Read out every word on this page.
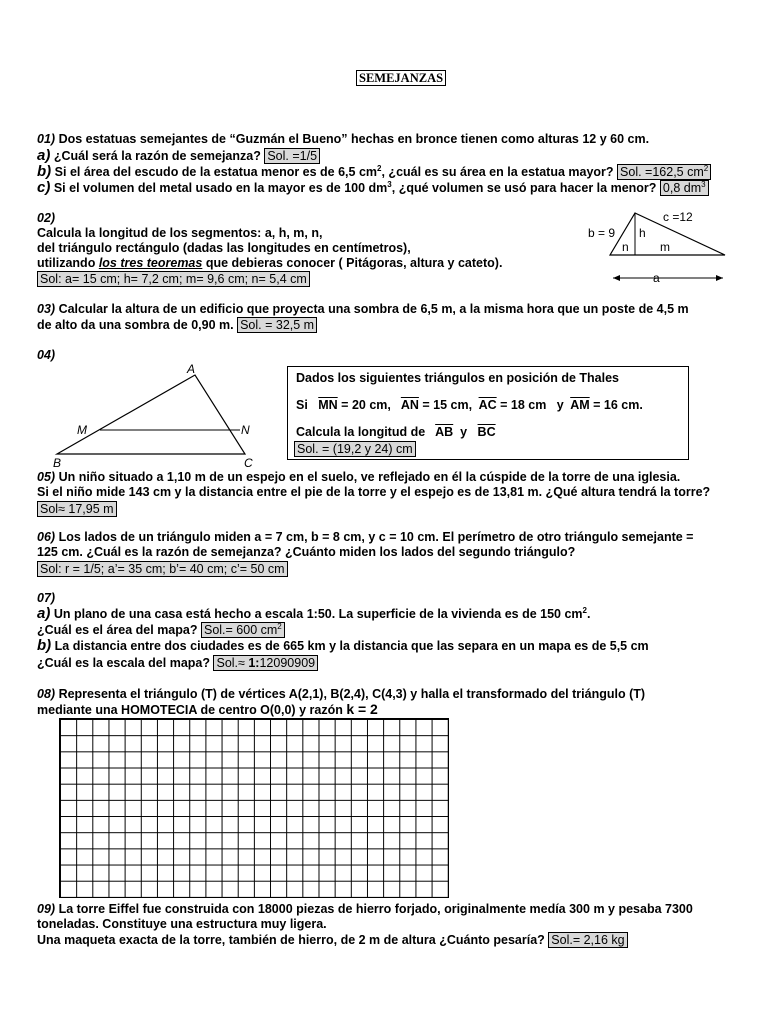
SEMEJANZAS
01) Dos estatuas semejantes de “Guzmán el Bueno” hechas en bronce tienen como alturas 12 y 60 cm.
a) ¿Cuál será la razón de semejanza? Sol. =1/5
b) Si el área del escudo de la estatua menor es de 6,5 $cm^2$, ¿cuál es su área en la estatua mayor? Sol. =162,5 $cm^2$
c) Si el volumen del metal usado en la mayor es de 100 $dm^3$, ¿qué volumen se usó para hacer la menor? 0,8 $dm^3$
02)
Calcula la longitud de los segmentos: a, h, m, n,
del triángulo rectángulo (dadas las longitudes en centímetros),
utilizando los tres teoremas que debieras conocer ( Pitágoras, altura y cateto).
Sol: a= 15 cm; h= 7,2 cm; m= 9,6 cm; n= 5,4 cm
b = 9
c =12
h
n	m
a
03) Calcular la altura de un edificio que proyecta una sombra de 6,5 m, a la misma hora que un poste de 4,5 m
de alto da una sombra de 0,90 m. Sol. = 32,5 m
04)
A
B	C
M	N
Dados los siguientes triángulos en posición de Thales
Si $\overline{MN} = 20$ cm, $\overline{AN} = 15$ cm, $\overline{AC} = 18$ cm y $\overline{AM} = 16$ cm.
Calcula la longitud de $\overline{AB}$ y $\overline{BC}$
Sol. = (19,2 y 24) cm
05) Un niño situado a 1,10 m de un espejo en el suelo, ve reflejado en él la cúspide de la torre de una iglesia.
Si el niño mide 143 cm y la distancia entre el pie de la torre y el espejo es de 13,81 m. ¿Qué altura tendrá la torre?
Sol≈ 17,95 m
06) Los lados de un triángulo miden a = 7 cm, b = 8 cm, y c = 10 cm. El perímetro de otro triángulo semejante =
125 cm. ¿Cuál es la razón de semejanza? ¿Cuánto miden los lados del segundo triángulo?
Sol: r = 1/5; a’= 35 cm; b’= 40 cm; c’= 50 cm
07)
a) Un plano de una casa está hecho a escala 1:50. La superficie de la vivienda es de 150 $cm^2$.
¿Cuál es el área del mapa? Sol.= 600 $cm^2$
b) La distancia entre dos ciudades es de 665 km y la distancia que las separa en un mapa es de 5,5 cm
¿Cuál es la escala del mapa? Sol.≈ 1:12090909
08) Representa el triángulo (T) de vértices A(2,1), B(2,4), C(4,3) y halla el transformado del triángulo (T)
mediante una HOMOTECIA de centro O(0,0) y razón k = 2
09) La torre Eiffel fue construida con 18000 piezas de hierro forjado, originalmente medía 300 m y pesaba 7300
toneladas. Constituye una estructura muy ligera.
Una maqueta exacta de la torre, también de hierro, de 2 m de altura ¿Cuánto pesaría? Sol.= 2,16 kg
